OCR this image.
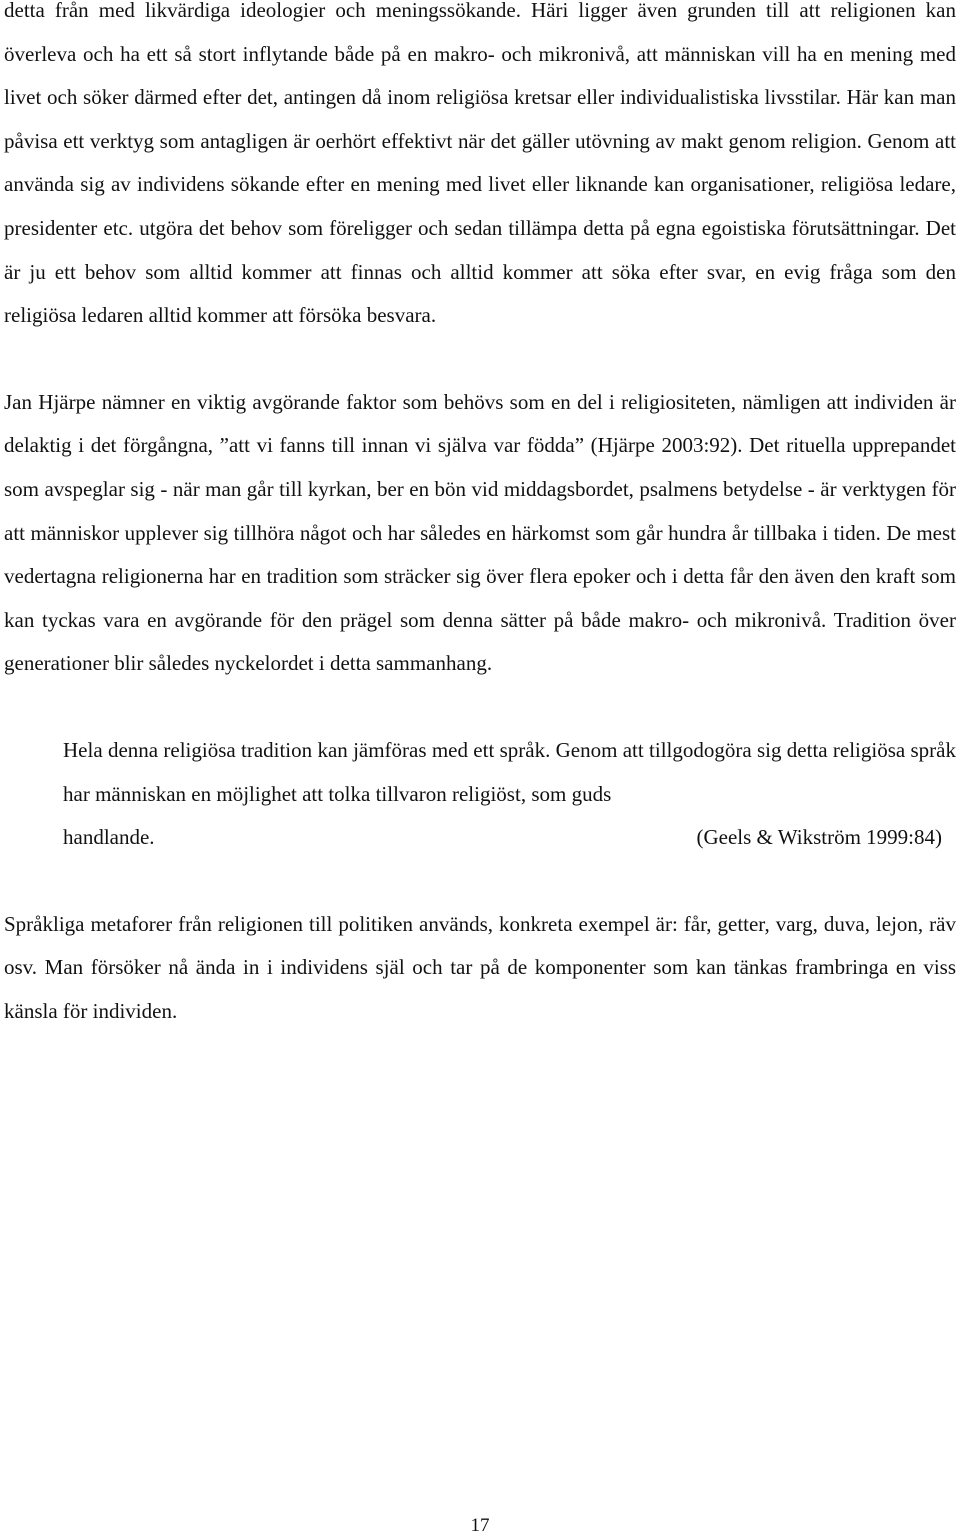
detta från med likvärdiga ideologier och meningssökande. Häri ligger även grunden till att religionen kan överleva och ha ett så stort inflytande både på en makro- och mikronivå, att människan vill ha en mening med livet och söker därmed efter det, antingen då inom religiösa kretsar eller individualistiska livsstilar. Här kan man påvisa ett verktyg som antagligen är oerhört effektivt när det gäller utövning av makt genom religion. Genom att använda sig av individens sökande efter en mening med livet eller liknande kan organisationer, religiösa ledare, presidenter etc. utgöra det behov som föreligger och sedan tillämpa detta på egna egoistiska förutsättningar. Det är ju ett behov som alltid kommer att finnas och alltid kommer att söka efter svar, en evig fråga som den religiösa ledaren alltid kommer att försöka besvara.

Jan Hjärpe nämner en viktig avgörande faktor som behövs som en del i religiositeten, nämligen att individen är delaktig i det förgångna, ”att vi fanns till innan vi själva var födda” (Hjärpe 2003:92). Det rituella upprepandet som avspeglar sig - när man går till kyrkan, ber en bön vid middagsbordet, psalmens betydelse - är verktygen för att människor upplever sig tillhöra något och har således en härkomst som går hundra år tillbaka i tiden. De mest vedertagna religionerna har en tradition som sträcker sig över flera epoker och i detta får den även den kraft som kan tyckas vara en avgörande för den prägel som denna sätter på både makro- och mikronivå. Tradition över generationer blir således nyckelordet i detta sammanhang.

Hela denna religiösa tradition kan jämföras med ett språk. Genom att tillgodogöra sig detta religiösa språk har människan en möjlighet att tolka tillvaron religiöst, som guds
handlande.	(Geels & Wikström 1999:84)

Språkliga metaforer från religionen till politiken används, konkreta exempel är: får, getter, varg, duva, lejon, räv osv. Man försöker nå ända in i individens själ och tar på de komponenter som kan tänkas frambringa en viss känsla för individen.

17
